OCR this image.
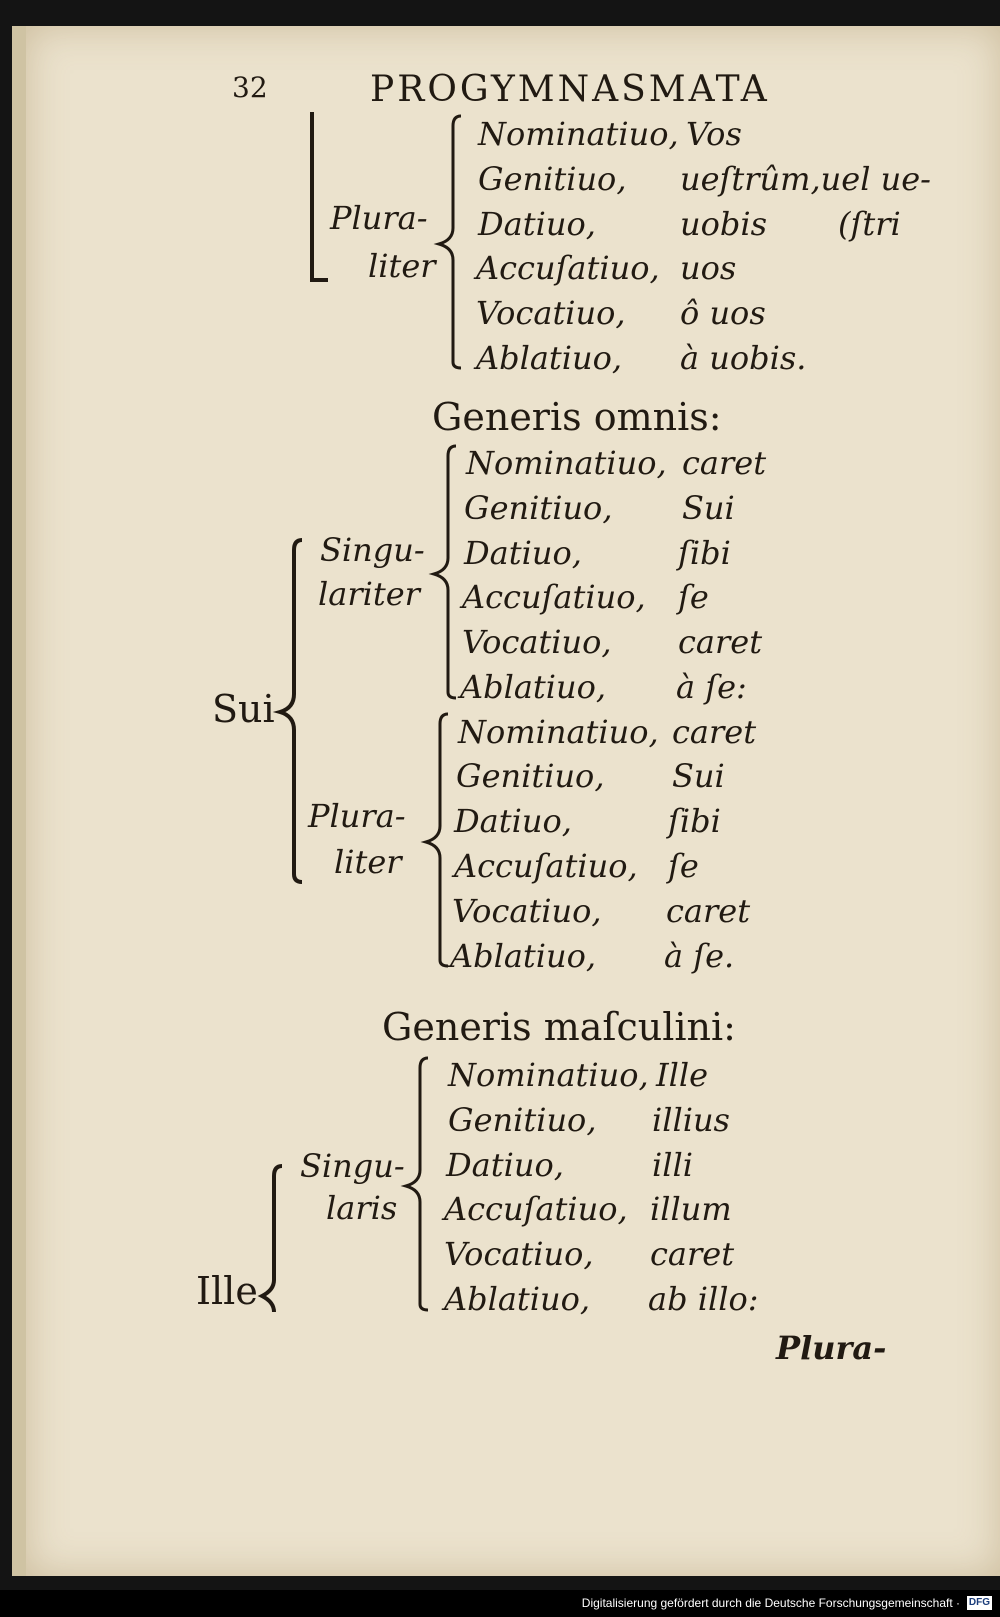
32	PROGYMNASMATA
Plura-
liter
Nominatiuo, Vos
Genitiuo, ueſtrûm,uel ue-
Datiuo,	uobis (ſtri
Accuſatiuo, uos
Vocatiuo, ô uos
Ablatiuo, à uobis.
Generis omnis:
Sui
Singu-
lariter
Nominatiuo, caret
Genitiuo, Sui
Datiuo,	ſibi
Accuſatiuo, ſe
Vocatiuo, caret
Ablatiuo, à ſe:
Plura-
liter
Nominatiuo, caret
Genitiuo, Sui
Datiuo,	ſibi
Accuſatiuo, ſe
Vocatiuo, caret
Ablatiuo, à ſe.
Generis maſculini:
Ille
Singu-
laris
Nominatiuo, Ille
Genitiuo, illius
Datiuo,	illi
Accuſatiuo, illum
Vocatiuo, caret
Ablatiuo, ab illo:
Plura-
Digitalisierung gefördert durch die Deutsche Forschungsgemeinschaft · DFG
